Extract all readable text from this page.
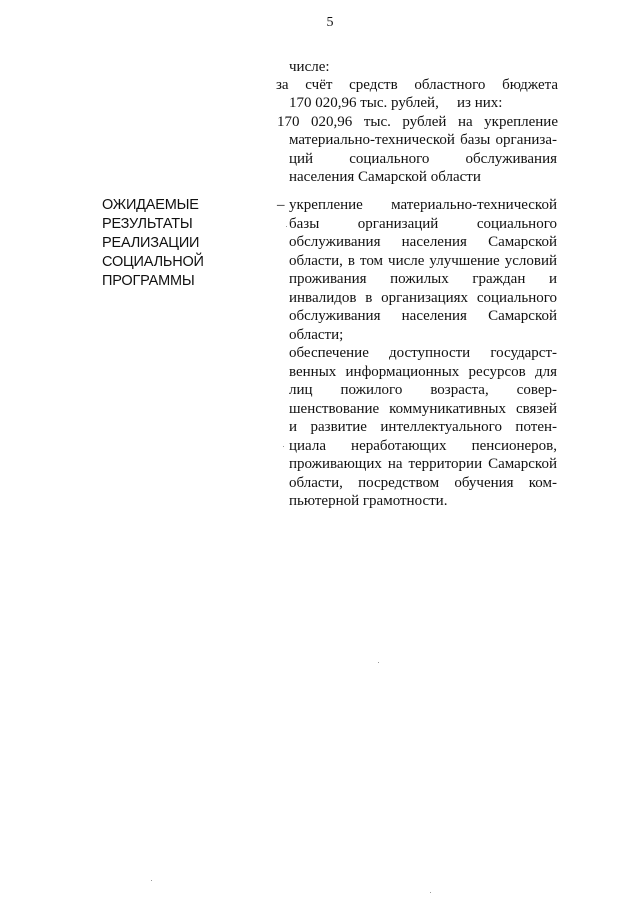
5
числе:
за счёт средств областного бюджета
170 020,96 тыс. рублей, из них:
170 020,96 тыс. рублей на укрепление
материально-технической базы организа-
ций социального обслуживания
населения Самарской области
ОЖИДАЕМЫЕ
РЕЗУЛЬТАТЫ
РЕАЛИЗАЦИИ
СОЦИАЛЬНОЙ
ПРОГРАММЫ
– укрепление материально-технической
базы организаций социального
обслуживания населения Самарской
области, в том числе улучшение условий
проживания пожилых граждан и
инвалидов в организациях социального
обслуживания населения Самарской
области;
обеспечение доступности государст-
венных информационных ресурсов для
лиц пожилого возраста, совер-
шенствование коммуникативных связей
и развитие интеллектуального потен-
циала неработающих пенсионеров,
проживающих на территории Самарской
области, посредством обучения ком-
пьютерной грамотности.
